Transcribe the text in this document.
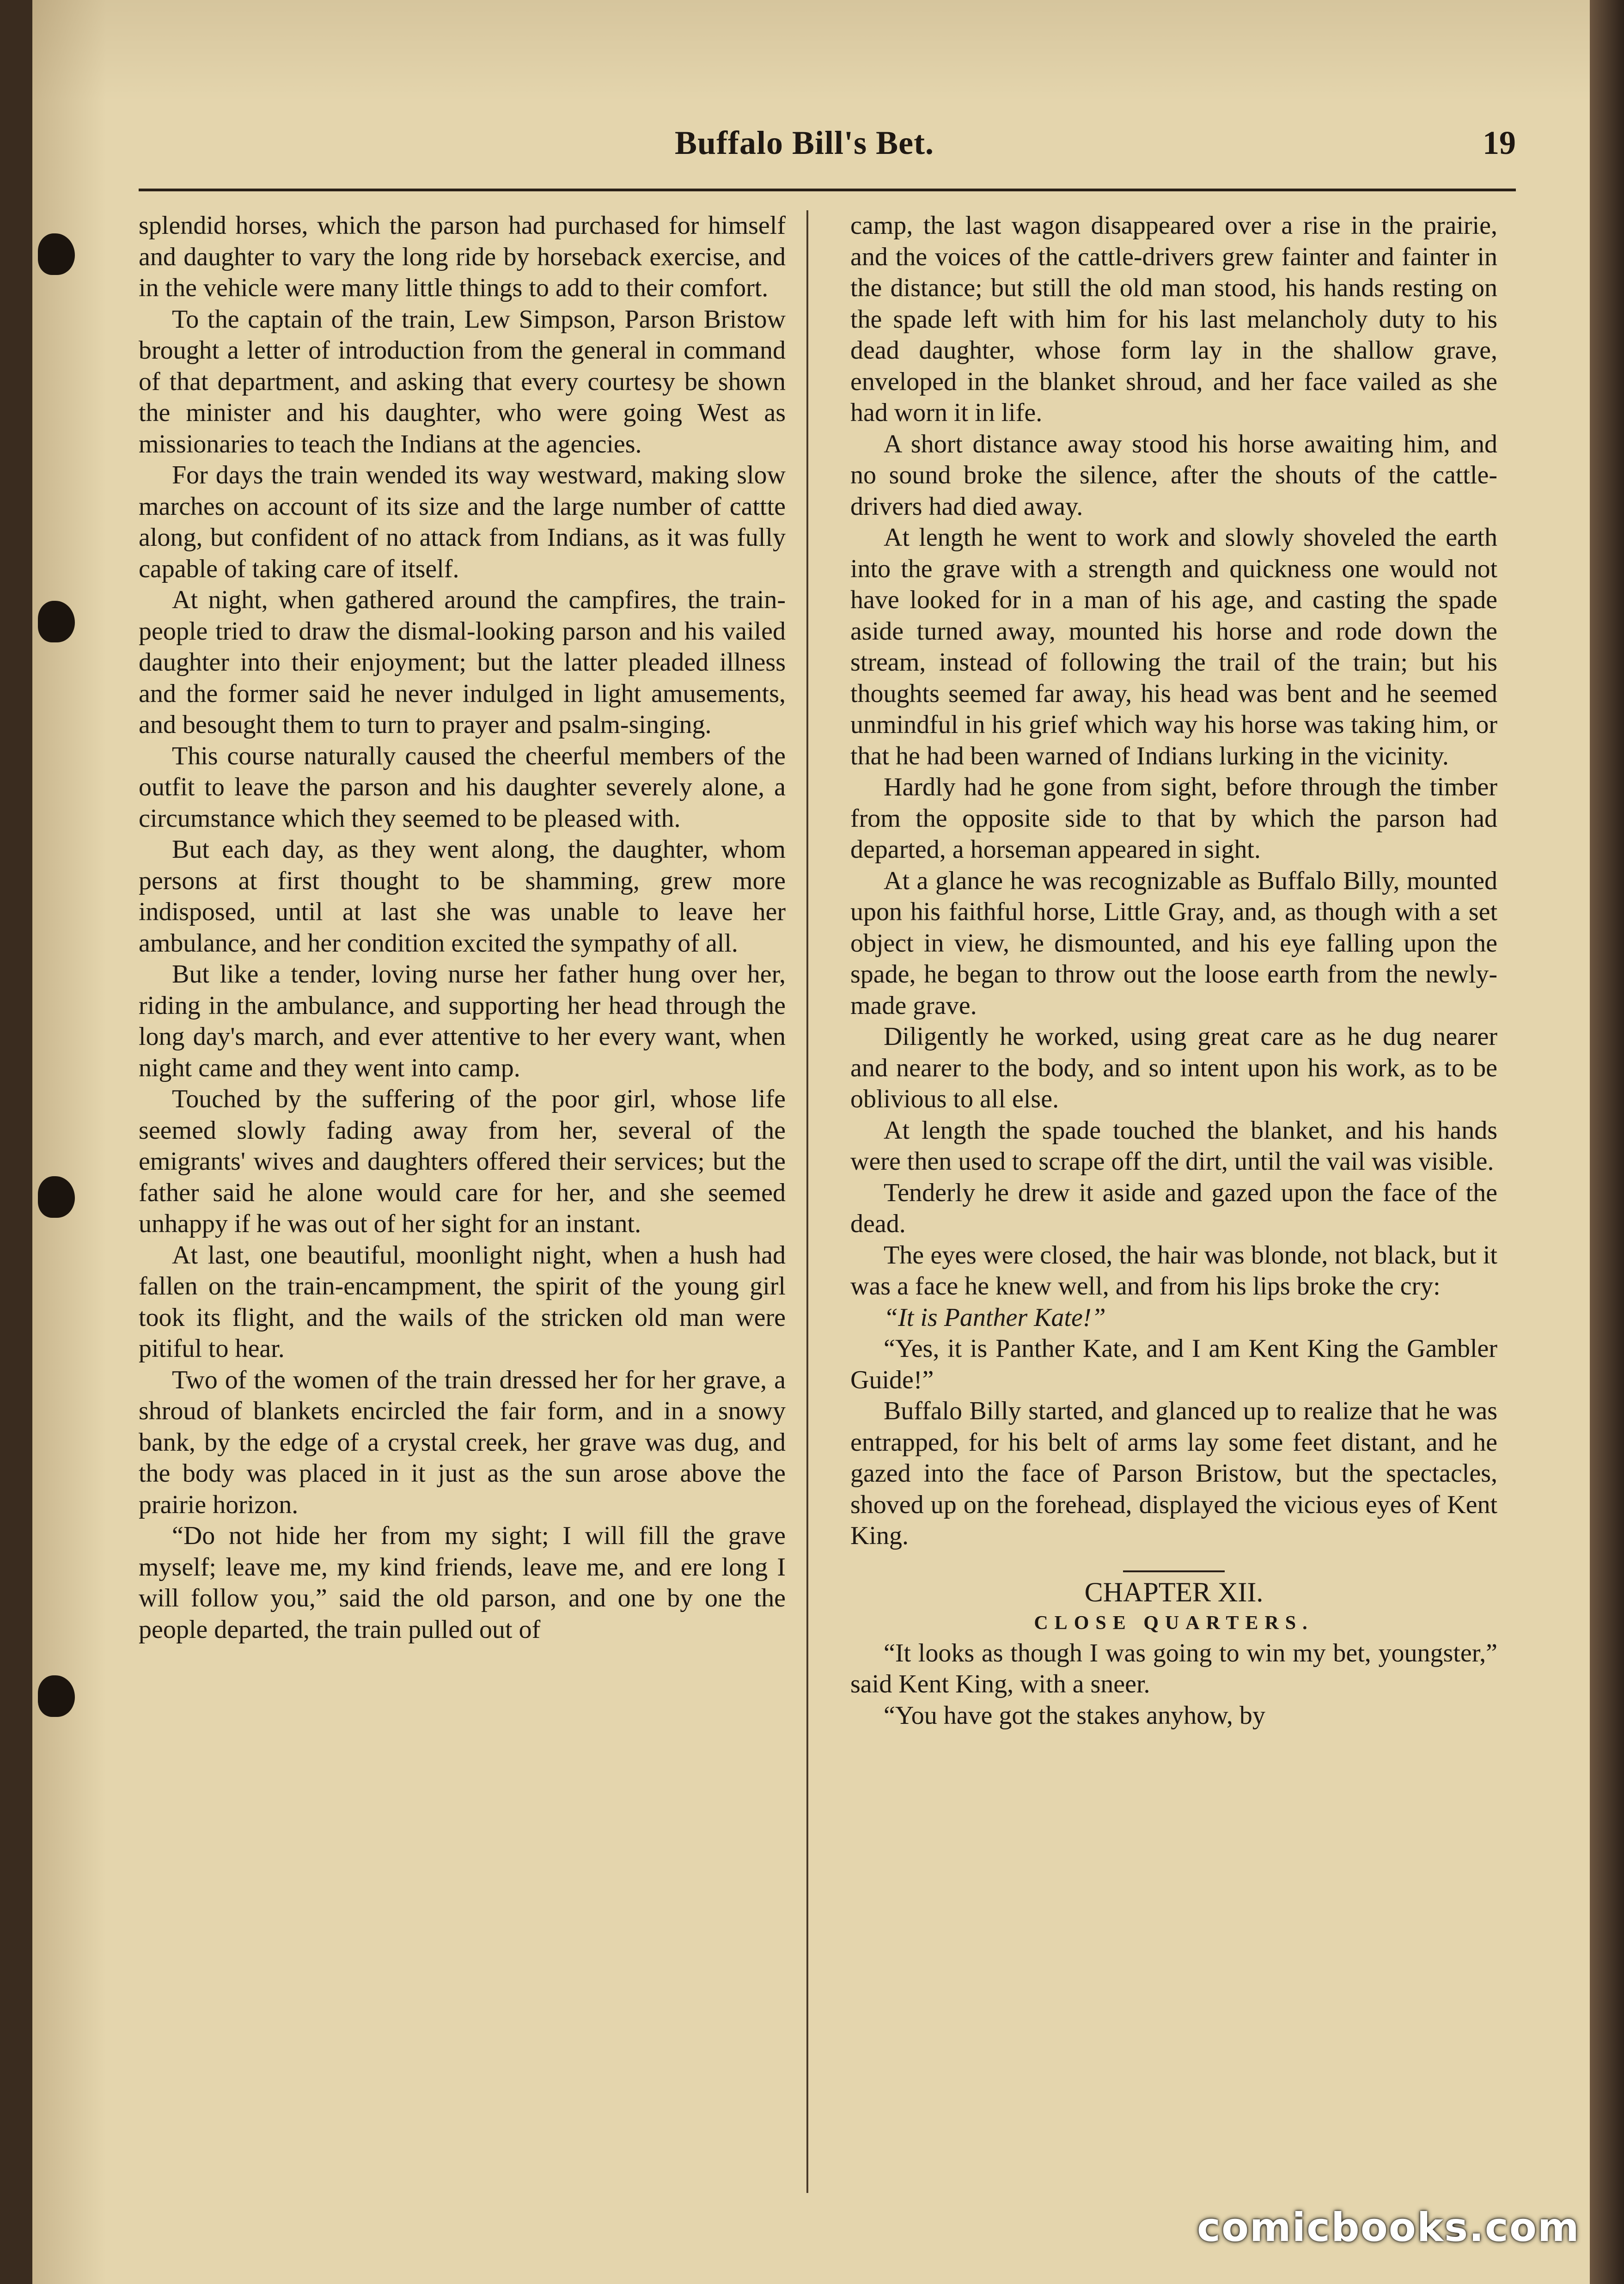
Buffalo Bill's Bet.	19

splendid horses, which the parson had purchased for himself and daughter to vary the long ride by horseback exercise, and in the vehicle were many little things to add to their comfort.

To the captain of the train, Lew Simpson, Parson Bristow brought a letter of introduction from the general in command of that department, and asking that every courtesy be shown the minister and his daughter, who were going West as missionaries to teach the Indians at the agencies.

For days the train wended its way westward, making slow marches on account of its size and the large number of cattte along, but confident of no attack from Indians, as it was fully capable of taking care of itself.

At night, when gathered around the campfires, the train-people tried to draw the dismal-looking parson and his vailed daughter into their enjoyment; but the latter pleaded illness and the former said he never indulged in light amusements, and besought them to turn to prayer and psalm-singing.

This course naturally caused the cheerful members of the outfit to leave the parson and his daughter severely alone, a circumstance which they seemed to be pleased with.

But each day, as they went along, the daughter, whom persons at first thought to be shamming, grew more indisposed, until at last she was unable to leave her ambulance, and her condition excited the sympathy of all.

But like a tender, loving nurse her father hung over her, riding in the ambulance, and supporting her head through the long day's march, and ever attentive to her every want, when night came and they went into camp.

Touched by the suffering of the poor girl, whose life seemed slowly fading away from her, several of the emigrants' wives and daughters offered their services; but the father said he alone would care for her, and she seemed unhappy if he was out of her sight for an instant.

At last, one beautiful, moonlight night, when a hush had fallen on the train-encampment, the spirit of the young girl took its flight, and the wails of the stricken old man were pitiful to hear.

Two of the women of the train dressed her for her grave, a shroud of blankets encircled the fair form, and in a snowy bank, by the edge of a crystal creek, her grave was dug, and the body was placed in it just as the sun arose above the prairie horizon.

“Do not hide her from my sight; I will fill the grave myself; leave me, my kind friends, leave me, and ere long I will follow you,” said the old parson, and one by one the people departed, the train pulled out of

camp, the last wagon disappeared over a rise in the prairie, and the voices of the cattle-drivers grew fainter and fainter in the distance; but still the old man stood, his hands resting on the spade left with him for his last melancholy duty to his dead daughter, whose form lay in the shallow grave, enveloped in the blanket shroud, and her face vailed as she had worn it in life.

A short distance away stood his horse awaiting him, and no sound broke the silence, after the shouts of the cattle-drivers had died away.

At length he went to work and slowly shoveled the earth into the grave with a strength and quickness one would not have looked for in a man of his age, and casting the spade aside turned away, mounted his horse and rode down the stream, instead of following the trail of the train; but his thoughts seemed far away, his head was bent and he seemed unmindful in his grief which way his horse was taking him, or that he had been warned of Indians lurking in the vicinity.

Hardly had he gone from sight, before through the timber from the opposite side to that by which the parson had departed, a horseman appeared in sight.

At a glance he was recognizable as Buffalo Billy, mounted upon his faithful horse, Little Gray, and, as though with a set object in view, he dismounted, and his eye falling upon the spade, he began to throw out the loose earth from the newly-made grave.

Diligently he worked, using great care as he dug nearer and nearer to the body, and so intent upon his work, as to be oblivious to all else.

At length the spade touched the blanket, and his hands were then used to scrape off the dirt, until the vail was visible.

Tenderly he drew it aside and gazed upon the face of the dead.

The eyes were closed, the hair was blonde, not black, but it was a face he knew well, and from his lips broke the cry:

“It is Panther Kate!”

“Yes, it is Panther Kate, and I am Kent King the Gambler Guide!”

Buffalo Billy started, and glanced up to realize that he was entrapped, for his belt of arms lay some feet distant, and he gazed into the face of Parson Bristow, but the spectacles, shoved up on the forehead, displayed the vicious eyes of Kent King.

CHAPTER XII.
CLOSE QUARTERS.

“It looks as though I was going to win my bet, youngster,” said Kent King, with a sneer.

“You have got the stakes anyhow, by

comicbooks.com
